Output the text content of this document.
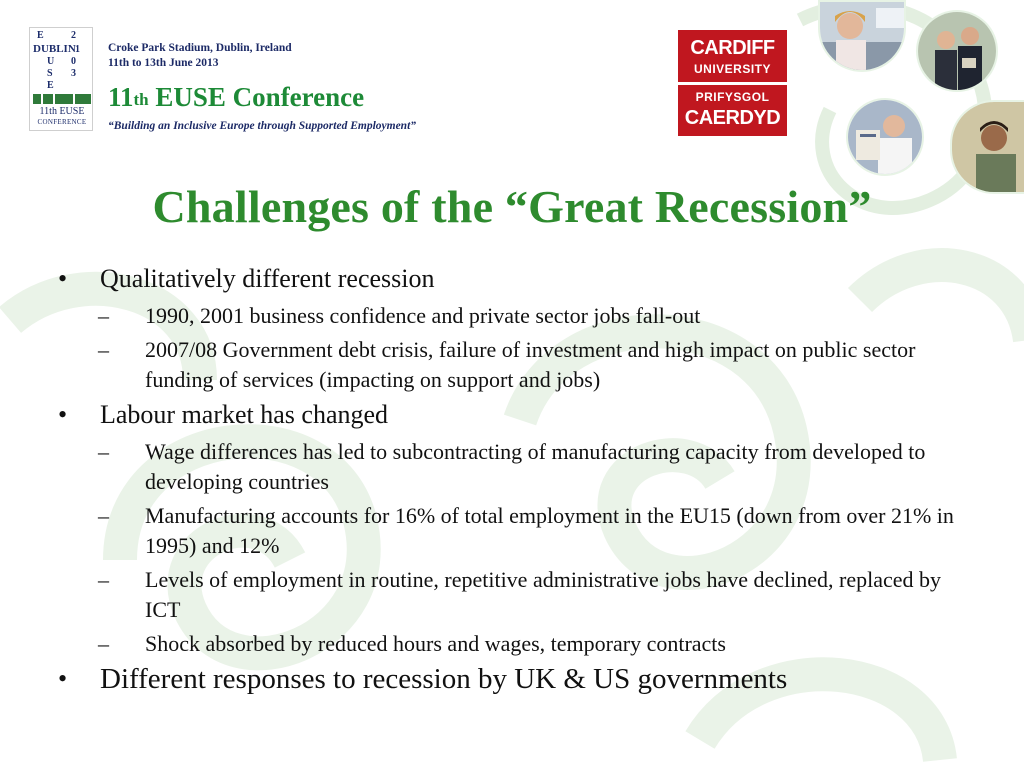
E	2
DUBLIN
0
U
1
S 3
E
11th EUSE
CONFERENCE
Croke Park Stadium, Dublin, Ireland
11th to 13th June 2013
11th EUSE Conference
“Building an Inclusive Europe through Supported Employment”
CARDIFF
UNIVERSITY
PRIFYSGOL
CAERDYD
Challenges of the “Great Recession”
• Qualitatively different recession
– 1990, 2001 business confidence and private sector jobs fall-out
– 2007/08 Government debt crisis, failure of investment and high impact on public sector funding of services (impacting on support and jobs)
• Labour market has changed
– Wage differences has led to subcontracting of manufacturing capacity from developed to developing countries
– Manufacturing accounts for 16% of total employment in the EU15 (down from over 21% in 1995) and 12%
– Levels of employment in routine, repetitive administrative jobs have declined, replaced by ICT
– Shock absorbed by reduced hours and wages, temporary contracts
• Different responses to recession by UK & US governments
